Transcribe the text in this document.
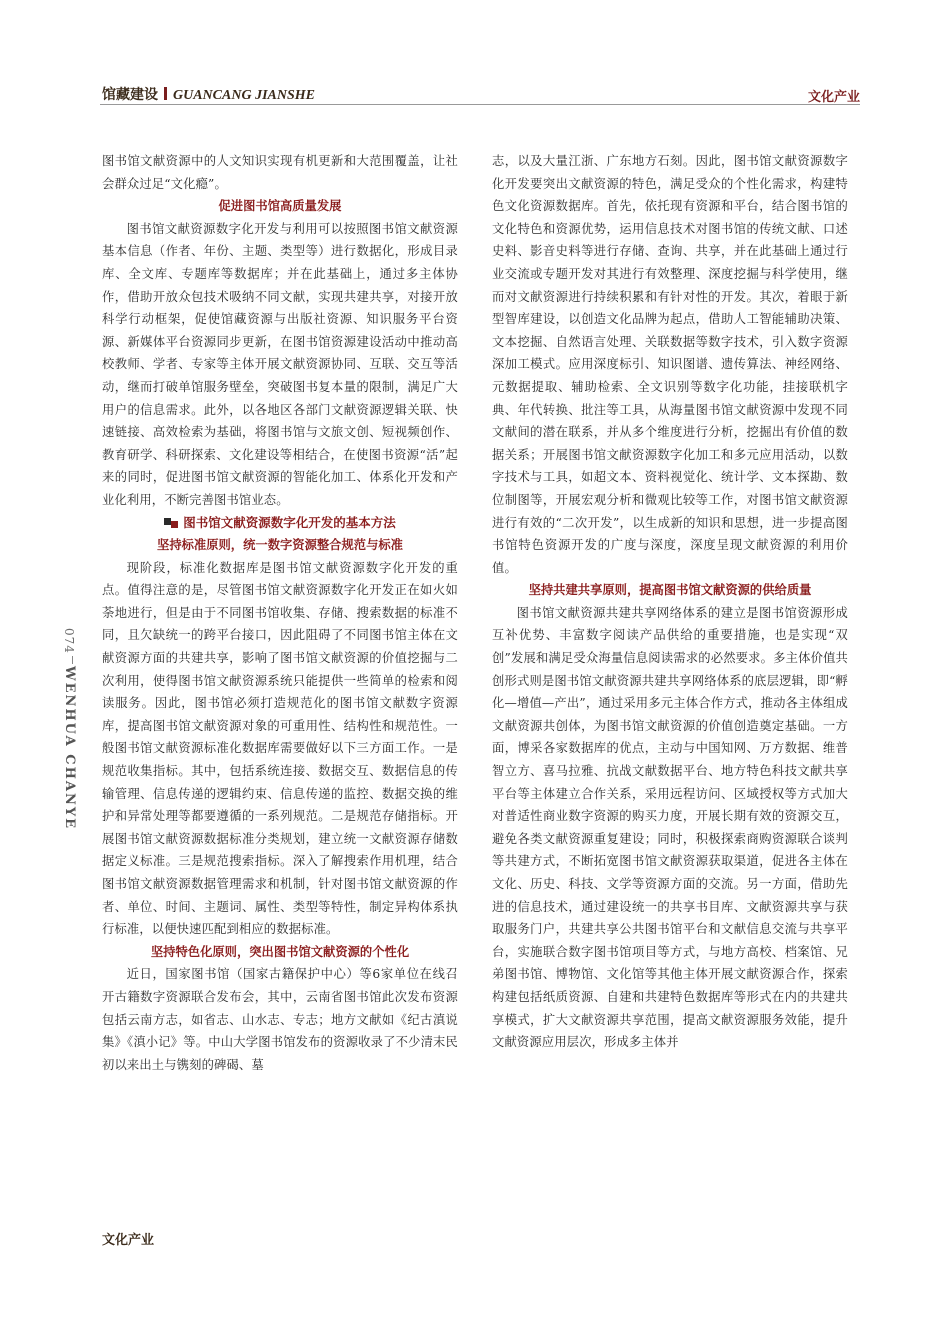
馆藏建设 GUANCANG JIANSHE	文化产业
074
WENHUA CHANYE

图书馆文献资源中的人文知识实现有机更新和大范围覆盖，让社会群众过足“文化瘾”。

促进图书馆高质量发展

图书馆文献资源数字化开发与利用可以按照图书馆文献资源基本信息（作者、年份、主题、类型等）进行数据化，形成目录库、全文库、专题库等数据库；并在此基础上，通过多主体协作，借助开放众包技术吸纳不同文献，实现共建共享，对接开放科学行动框架，促使馆藏资源与出版社资源、知识服务平台资源、新媒体平台资源同步更新，在图书馆资源建设活动中推动高校教师、学者、专家等主体开展文献资源协同、互联、交互等活动，继而打破单馆服务壁垒，突破图书复本量的限制，满足广大用户的信息需求。此外，以各地区各部门文献资源逻辑关联、快速链接、高效检索为基础，将图书馆与文旅文创、短视频创作、教育研学、科研探索、文化建设等相结合，在使图书资源“活”起来的同时，促进图书馆文献资源的智能化加工、体系化开发和产业化利用，不断完善图书馆业态。

图书馆文献资源数字化开发的基本方法
坚持标准原则，统一数字资源整合规范与标准

现阶段，标准化数据库是图书馆文献资源数字化开发的重点。值得注意的是，尽管图书馆文献资源数字化开发正在如火如荼地进行，但是由于不同图书馆收集、存储、搜索数据的标准不同，且欠缺统一的跨平台接口，因此阻碍了不同图书馆主体在文献资源方面的共建共享，影响了图书馆文献资源的价值挖掘与二次利用，使得图书馆文献资源系统只能提供一些简单的检索和阅读服务。因此，图书馆必须打造规范化的图书馆文献数字资源库，提高图书馆文献资源对象的可重用性、结构性和规范性。一般图书馆文献资源标准化数据库需要做好以下三方面工作。一是规范收集指标。其中，包括系统连接、数据交互、数据信息的传输管理、信息传递的逻辑约束、信息传递的监控、数据交换的维护和异常处理等都要遵循的一系列规范。二是规范存储指标。开展图书馆文献资源数据标准分类规划，建立统一文献资源存储数据定义标准。三是规范搜索指标。深入了解搜索作用机理，结合图书馆文献资源数据管理需求和机制，针对图书馆文献资源的作者、单位、时间、主题词、属性、类型等特性，制定异构体系执行标准，以便快速匹配到相应的数据标准。

坚持特色化原则，突出图书馆文献资源的个性化

近日，国家图书馆（国家古籍保护中心）等6家单位在线召开古籍数字资源联合发布会，其中，云南省图书馆此次发布资源包括云南方志，如省志、山水志、专志；地方文献如《纪古滇说集》《滇小记》等。中山大学图书馆发布的资源收录了不少清末民初以来出土与镌刻的碑碣、墓

志，以及大量江浙、广东地方石刻。因此，图书馆文献资源数字化开发要突出文献资源的特色，满足受众的个性化需求，构建特色文化资源数据库。首先，依托现有资源和平台，结合图书馆的文化特色和资源优势，运用信息技术对图书馆的传统文献、口述史料、影音史料等进行存储、查询、共享，并在此基础上通过行业交流或专题开发对其进行有效整理、深度挖掘与科学使用，继而对文献资源进行持续积累和有针对性的开发。其次，着眼于新型智库建设，以创造文化品牌为起点，借助人工智能辅助决策、文本挖掘、自然语言处理、关联数据等数字技术，引入数字资源深加工模式。应用深度标引、知识图谱、遗传算法、神经网络、元数据提取、辅助检索、全文识别等数字化功能，挂接联机字典、年代转换、批注等工具，从海量图书馆文献资源中发现不同文献间的潜在联系，并从多个维度进行分析，挖掘出有价值的数据关系；开展图书馆文献资源数字化加工和多元应用活动，以数字技术与工具，如超文本、资料视觉化、统计学、文本探勘、数位制图等，开展宏观分析和微观比较等工作，对图书馆文献资源进行有效的“二次开发”，以生成新的知识和思想，进一步提高图书馆特色资源开发的广度与深度，深度呈现文献资源的利用价值。

坚持共建共享原则，提高图书馆文献资源的供给质量

图书馆文献资源共建共享网络体系的建立是图书馆资源形成互补优势、丰富数字阅读产品供给的重要措施，也是实现“双创”发展和满足受众海量信息阅读需求的必然要求。多主体价值共创形式则是图书馆文献资源共建共享网络体系的底层逻辑，即“孵化—增值—产出”，通过采用多元主体合作方式，推动各主体组成文献资源共创体，为图书馆文献资源的价值创造奠定基础。一方面，博采各家数据库的优点，主动与中国知网、万方数据、维普智立方、喜马拉雅、抗战文献数据平台、地方特色科技文献共享平台等主体建立合作关系，采用远程访问、区域授权等方式加大对普适性商业数字资源的购买力度，开展长期有效的资源交互，避免各类文献资源重复建设；同时，积极探索商购资源联合谈判等共建方式，不断拓宽图书馆文献资源获取渠道，促进各主体在文化、历史、科技、文学等资源方面的交流。另一方面，借助先进的信息技术，通过建设统一的共享书目库、文献资源共享与获取服务门户，共建共享公共图书馆平台和文献信息交流与共享平台，实施联合数字图书馆项目等方式，与地方高校、档案馆、兄弟图书馆、博物馆、文化馆等其他主体开展文献资源合作，探索构建包括纸质资源、自建和共建特色数据库等形式在内的共建共享模式，扩大文献资源共享范围，提高文献资源服务效能，提升文献资源应用层次，形成多主体并

文化产业
